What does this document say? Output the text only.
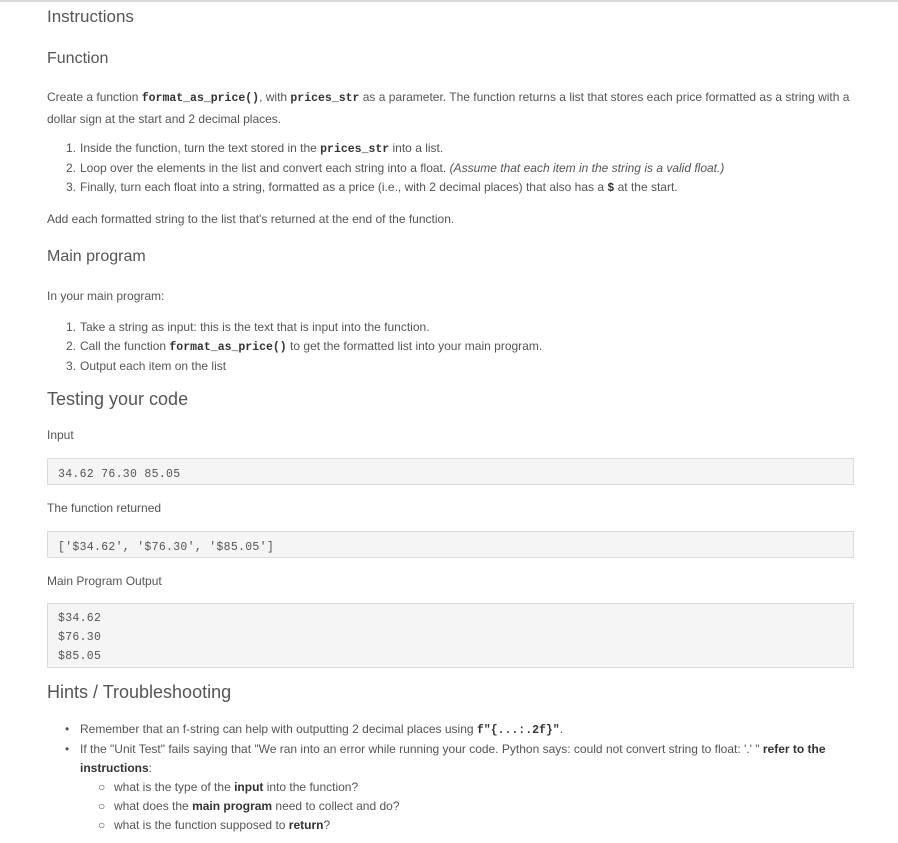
Instructions
Function
Create a function format_as_price(), with prices_str as a parameter. The function returns a list that stores each price formatted as a string with a dollar sign at the start and 2 decimal places.
1. Inside the function, turn the text stored in the prices_str into a list.
2. Loop over the elements in the list and convert each string into a float. (Assume that each item in the string is a valid float.)
3. Finally, turn each float into a string, formatted as a price (i.e., with 2 decimal places) that also has a $ at the start.
Add each formatted string to the list that's returned at the end of the function.
Main program
In your main program:
1. Take a string as input: this is the text that is input into the function.
2. Call the function format_as_price() to get the formatted list into your main program.
3. Output each item on the list
Testing your code
Input
34.62 76.30 85.05
The function returned
['$34.62', '$76.30', '$85.05']
Main Program Output
$34.62
$76.30
$85.05
Hints / Troubleshooting
• Remember that an f-string can help with outputting 2 decimal places using f"{...:.2f}".
• If the "Unit Test" fails saying that "We ran into an error while running your code. Python says: could not convert string to float: '.' " refer to the instructions:
○ what is the type of the input into the function?
○ what does the main program need to collect and do?
○ what is the function supposed to return?
